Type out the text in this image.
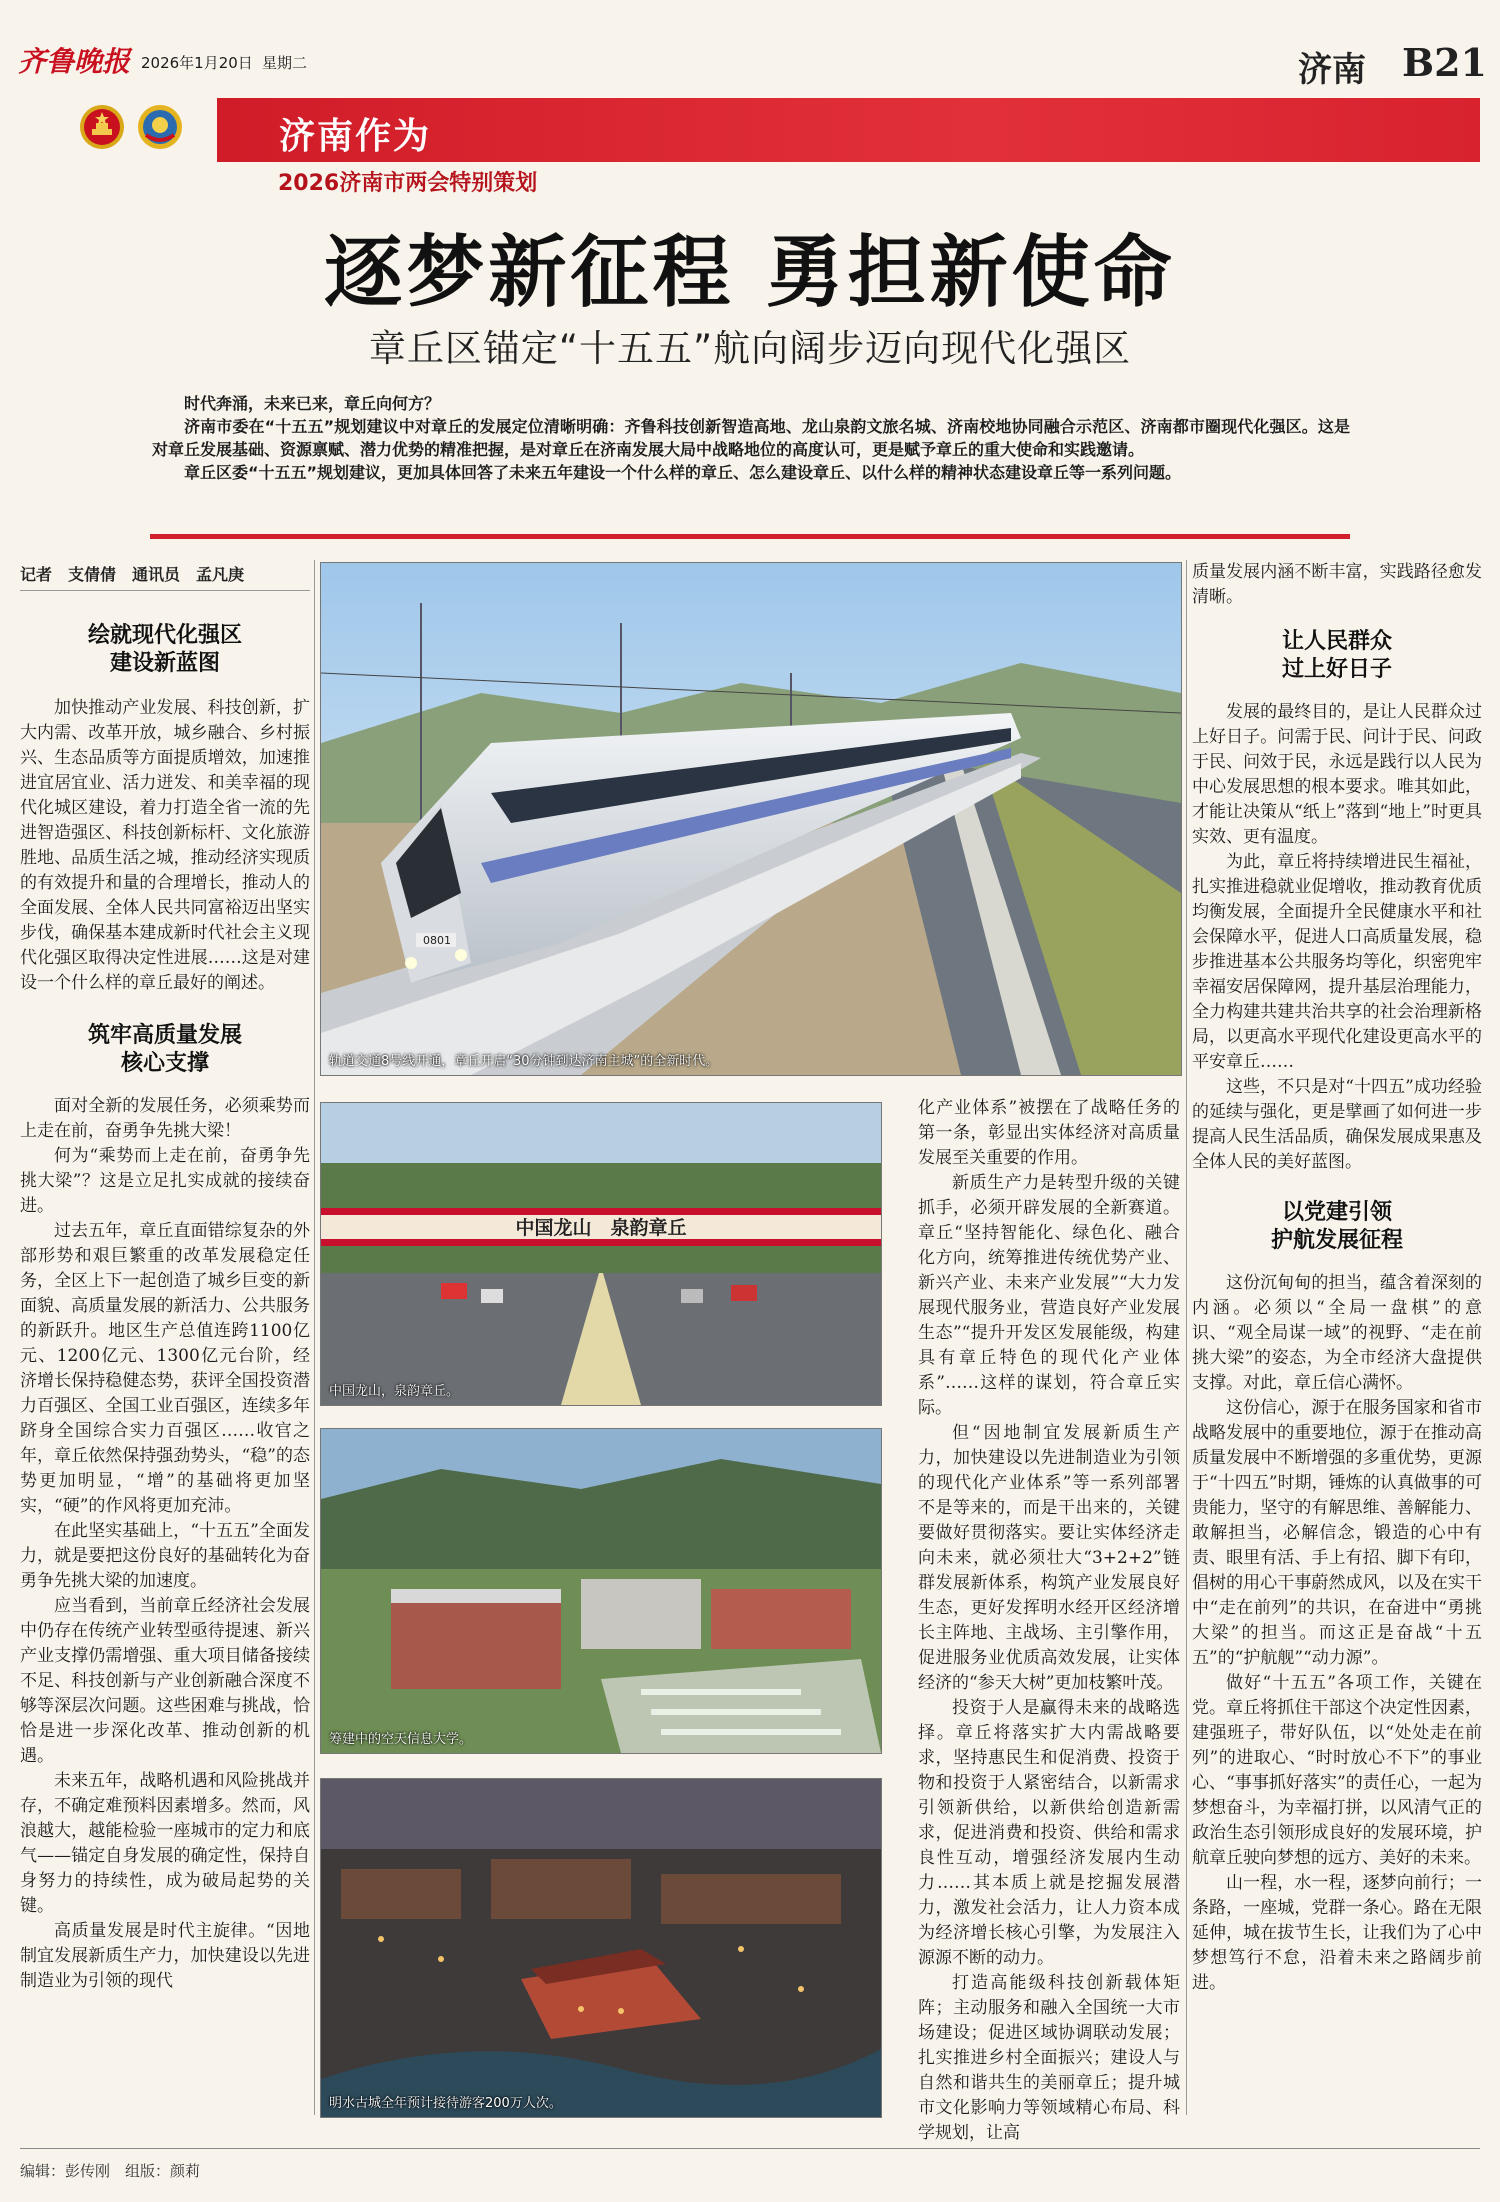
齐鲁晚报 2026年1月20日 星期二	济南 B21
济南作为
2026济南市两会特别策划
逐梦新征程 勇担新使命
章丘区锚定“十五五”航向阔步迈向现代化强区
时代奔涌，未来已来，章丘向何方？
济南市委在“十五五”规划建议中对章丘的发展定位清晰明确：齐鲁科技创新智造高地、龙山泉韵文旅名城、济南校地协同融合示范区、济南都市圈现代化强区。这是对章丘发展基础、资源禀赋、潜力优势的精准把握，是对章丘在济南发展大局中战略地位的高度认可，更是赋予章丘的重大使命和实践邀请。
章丘区委“十五五”规划建议，更加具体回答了未来五年建设一个什么样的章丘、怎么建设章丘、以什么样的精神状态建设章丘等一系列问题。
记者　支倩倩　通讯员　孟凡庚
绘就现代化强区
建设新蓝图

加快推动产业发展、科技创新，扩大内需、改革开放，城乡融合、乡村振兴、生态品质等方面提质增效，加速推进宜居宜业、活力迸发、和美幸福的现代化城区建设，着力打造全省一流的先进智造强区、科技创新标杆、文化旅游胜地、品质生活之城，推动经济实现质的有效提升和量的合理增长，推动人的全面发展、全体人民共同富裕迈出坚实步伐，确保基本建成新时代社会主义现代化强区取得决定性进展……这是对建设一个什么样的章丘最好的阐述。

筑牢高质量发展
核心支撑

面对全新的发展任务，必须乘势而上走在前，奋勇争先挑大梁！

何为“乘势而上走在前，奋勇争先挑大梁”？这是立足扎实成就的接续奋进。

过去五年，章丘直面错综复杂的外部形势和艰巨繁重的改革发展稳定任务，全区上下一起创造了城乡巨变的新面貌、高质量发展的新活力、公共服务的新跃升。地区生产总值连跨1100亿元、1200亿元、1300亿元台阶，经济增长保持稳健态势，获评全国投资潜力百强区、全国工业百强区，连续多年跻身全国综合实力百强区……收官之年，章丘依然保持强劲势头，“稳”的态势更加明显，“增”的基础将更加坚实，“硬”的作风将更加充沛。

在此坚实基础上，“十五五”全面发力，就是要把这份良好的基础转化为奋勇争先挑大梁的加速度。

应当看到，当前章丘经济社会发展中仍存在传统产业转型亟待提速、新兴产业支撑仍需增强、重大项目储备接续不足、科技创新与产业创新融合深度不够等深层次问题。这些困难与挑战，恰恰是进一步深化改革、推动创新的机遇。

未来五年，战略机遇和风险挑战并存，不确定难预料因素增多。然而，风浪越大，越能检验一座城市的定力和底气——锚定自身发展的确定性，保持自身努力的持续性，成为破局起势的关键。

高质量发展是时代主旋律。“因地制宜发展新质生产力，加快建设以先进制造业为引领的现代

0801
轨道交通8号线开通，章丘开启“30分钟到达济南主城”的全新时代。
中国龙山　泉韵章丘
中国龙山，泉韵章丘。
筹建中的空天信息大学。
明水古城全年预计接待游客200万人次。
化产业体系”被摆在了战略任务的第一条，彰显出实体经济对高质量发展至关重要的作用。

新质生产力是转型升级的关键抓手，必须开辟发展的全新赛道。章丘“坚持智能化、绿色化、融合化方向，统筹推进传统优势产业、新兴产业、未来产业发展”“大力发展现代服务业，营造良好产业发展生态”“提升开发区发展能级，构建具有章丘特色的现代化产业体系”……这样的谋划，符合章丘实际。

但“因地制宜发展新质生产力，加快建设以先进制造业为引领的现代化产业体系”等一系列部署不是等来的，而是干出来的，关键要做好贯彻落实。要让实体经济走向未来，就必须壮大“3+2+2”链群发展新体系，构筑产业发展良好生态，更好发挥明水经开区经济增长主阵地、主战场、主引擎作用，促进服务业优质高效发展，让实体经济的“参天大树”更加枝繁叶茂。

投资于人是赢得未来的战略选择。章丘将落实扩大内需战略要求，坚持惠民生和促消费、投资于物和投资于人紧密结合，以新需求引领新供给，以新供给创造新需求，促进消费和投资、供给和需求良性互动，增强经济发展内生动力……其本质上就是挖掘发展潜力，激发社会活力，让人力资本成为经济增长核心引擎，为发展注入源源不断的动力。

打造高能级科技创新载体矩阵；主动服务和融入全国统一大市场建设；促进区域协调联动发展；扎实推进乡村全面振兴；建设人与自然和谐共生的美丽章丘；提升城市文化影响力等领域精心布局、科学规划，让高

质量发展内涵不断丰富，实践路径愈发清晰。
让人民群众
过上好日子

发展的最终目的，是让人民群众过上好日子。问需于民、问计于民、问政于民、问效于民，永远是践行以人民为中心发展思想的根本要求。唯其如此，才能让决策从“纸上”落到“地上”时更具实效、更有温度。

为此，章丘将持续增进民生福祉，扎实推进稳就业促增收，推动教育优质均衡发展，全面提升全民健康水平和社会保障水平，促进人口高质量发展，稳步推进基本公共服务均等化，织密兜牢幸福安居保障网，提升基层治理能力，全力构建共建共治共享的社会治理新格局，以更高水平现代化建设更高水平的平安章丘……

这些，不只是对“十四五”成功经验的延续与强化，更是擘画了如何进一步提高人民生活品质，确保发展成果惠及全体人民的美好蓝图。

以党建引领
护航发展征程

这份沉甸甸的担当，蕴含着深刻的内涵。必须以“全局一盘棋”的意识、“观全局谋一域”的视野、“走在前挑大梁”的姿态，为全市经济大盘提供支撑。对此，章丘信心满怀。

这份信心，源于在服务国家和省市战略发展中的重要地位，源于在推动高质量发展中不断增强的多重优势，更源于“十四五”时期，锤炼的认真做事的可贵能力，坚守的有解思维、善解能力、敢解担当，必解信念，锻造的心中有责、眼里有活、手上有招、脚下有印，倡树的用心干事蔚然成风，以及在实干中“走在前列”的共识，在奋进中“勇挑大梁”的担当。而这正是奋战“十五五”的“护航舰”“动力源”。

做好“十五五”各项工作，关键在党。章丘将抓住干部这个决定性因素，建强班子，带好队伍，以“处处走在前列”的进取心、“时时放心不下”的事业心、“事事抓好落实”的责任心，一起为梦想奋斗，为幸福打拼，以风清气正的政治生态引领形成良好的发展环境，护航章丘驶向梦想的远方、美好的未来。

山一程，水一程，逐梦向前行；一条路，一座城，党群一条心。路在无限延伸，城在拔节生长，让我们为了心中梦想笃行不怠，沿着未来之路阔步前进。

编辑：彭传刚　组版：颜莉
